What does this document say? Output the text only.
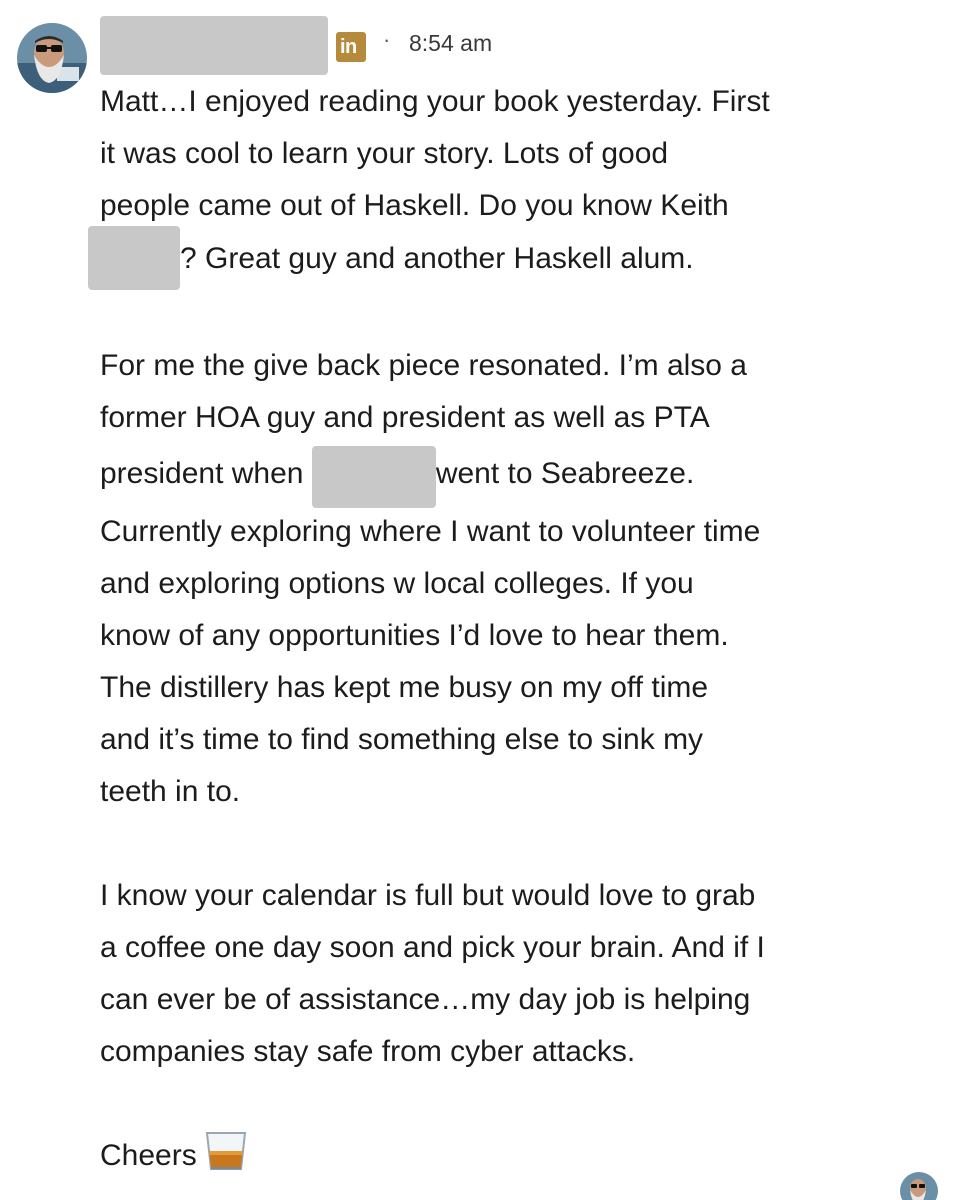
in	· 8:54 am

Matt…I enjoyed reading your book yesterday. First

it was cool to learn your story. Lots of good

people came out of Haskell. Do you know Keith

? Great guy and another Haskell alum.

For me the give back piece resonated. I’m also a

former HOA guy and president as well as PTA

president when	went to Seabreeze.

Currently exploring where I want to volunteer time

and exploring options w local colleges. If you

know of any opportunities I’d love to hear them.

The distillery has kept me busy on my off time

and it’s time to find something else to sink my

teeth in to.

I know your calendar is full but would love to grab

a coffee one day soon and pick your brain. And if I

can ever be of assistance…my day job is helping

companies stay safe from cyber attacks.

Cheers
